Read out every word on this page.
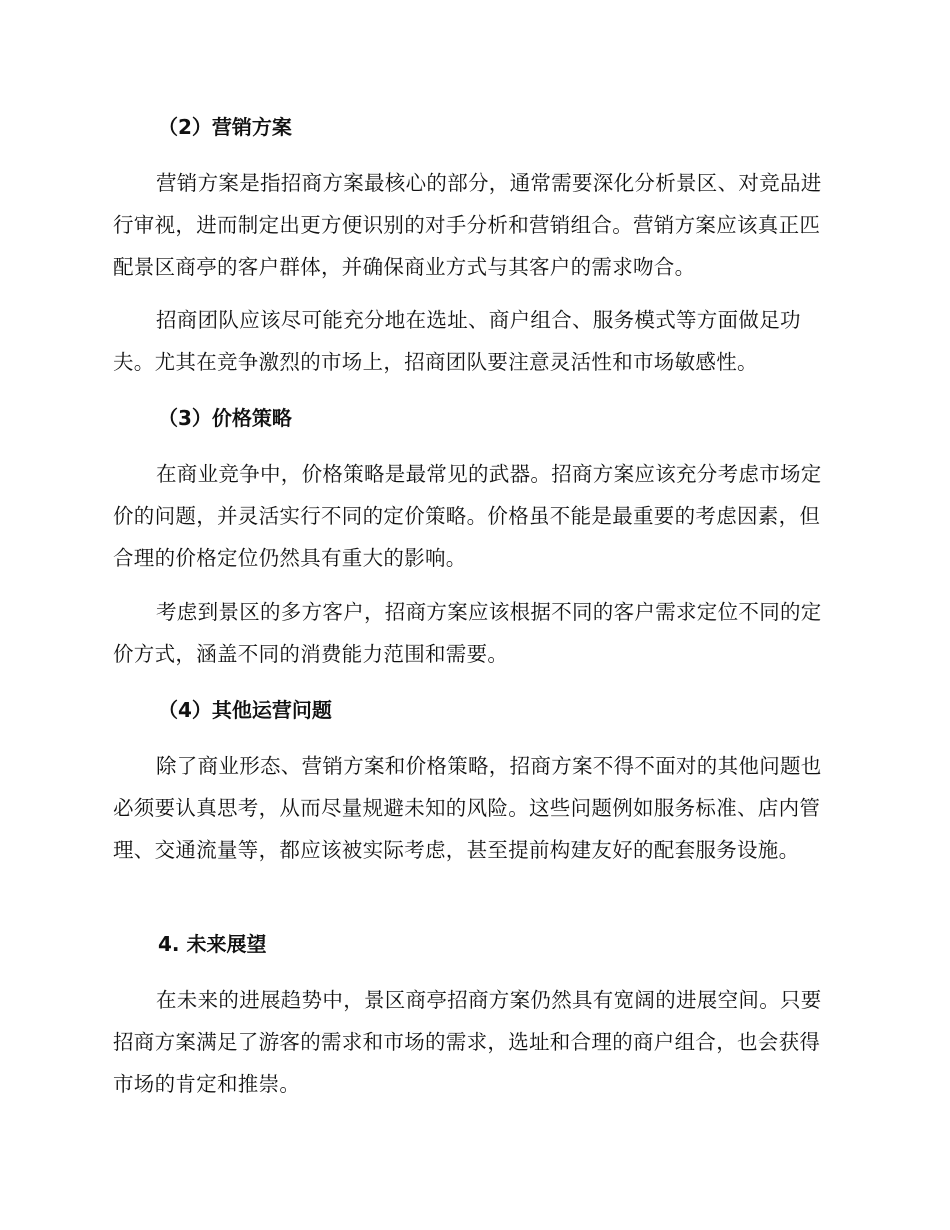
（2）营销方案

营销方案是指招商方案最核心的部分，通常需要深化分析景区、对竞品进行审视，进而制定出更方便识别的对手分析和营销组合。营销方案应该真正匹配景区商亭的客户群体，并确保商业方式与其客户的需求吻合。

招商团队应该尽可能充分地在选址、商户组合、服务模式等方面做足功夫。尤其在竞争激烈的市场上，招商团队要注意灵活性和市场敏感性。

（3）价格策略

在商业竞争中，价格策略是最常见的武器。招商方案应该充分考虑市场定价的问题，并灵活实行不同的定价策略。价格虽不能是最重要的考虑因素，但合理的价格定位仍然具有重大的影响。

考虑到景区的多方客户，招商方案应该根据不同的客户需求定位不同的定价方式，涵盖不同的消费能力范围和需要。

（4）其他运营问题

除了商业形态、营销方案和价格策略，招商方案不得不面对的其他问题也必须要认真思考，从而尽量规避未知的风险。这些问题例如服务标准、店内管理、交通流量等，都应该被实际考虑，甚至提前构建友好的配套服务设施。

4. 未来展望

在未来的进展趋势中，景区商亭招商方案仍然具有宽阔的进展空间。只要招商方案满足了游客的需求和市场的需求，选址和合理的商户组合，也会获得市场的肯定和推崇。
